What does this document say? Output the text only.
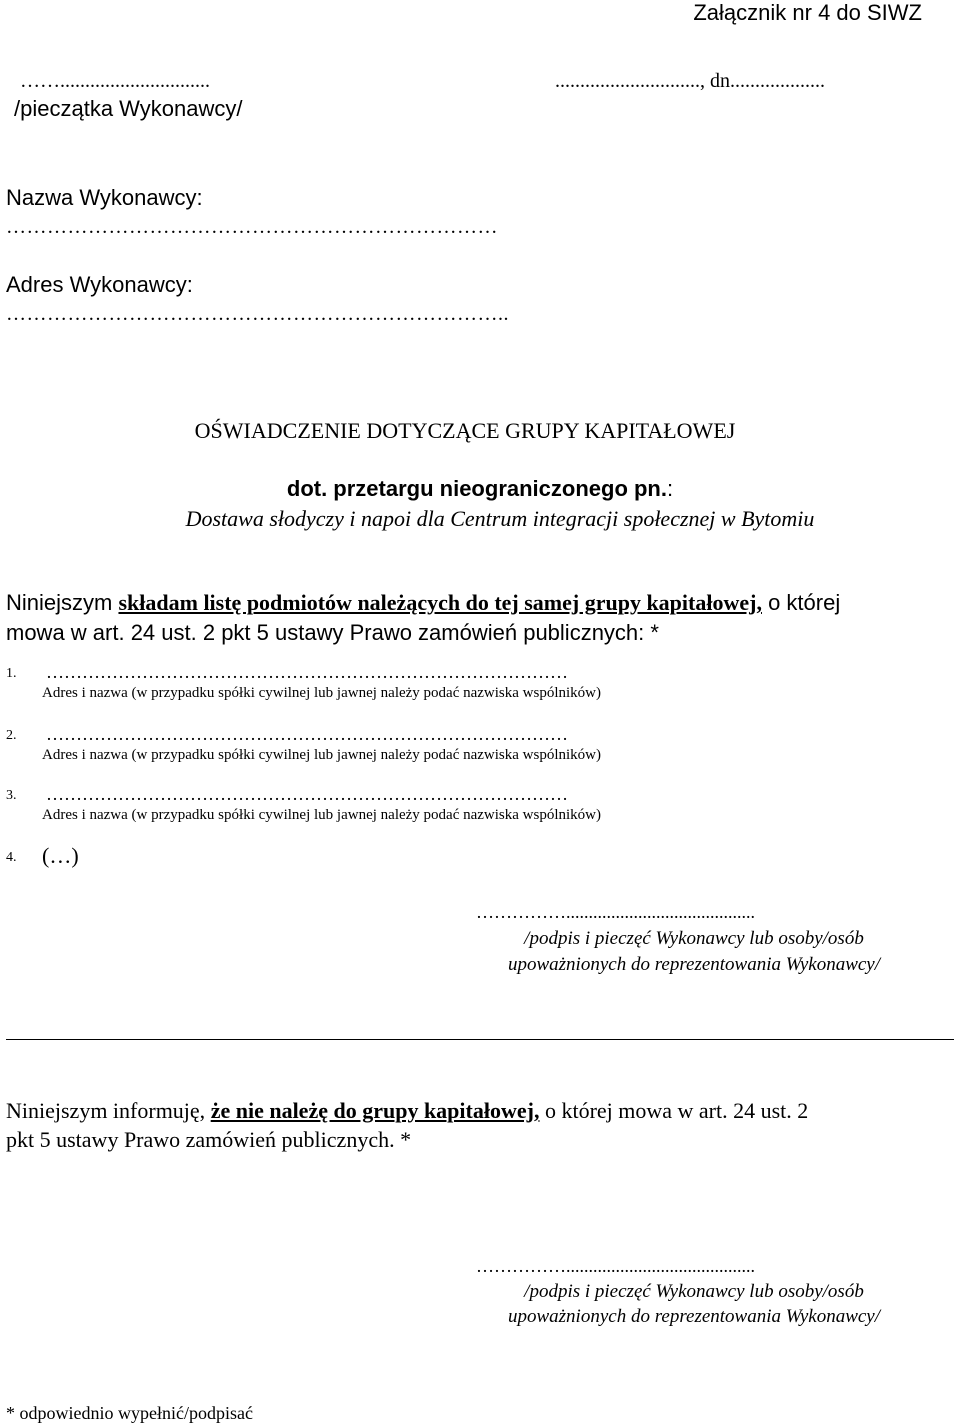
Załącznik nr 4 do SIWZ
……..............................	............................., dn...................
/pieczątka Wykonawcy/
Nazwa Wykonawcy:
………………………………………………………………
Adres Wykonawcy:
………………………………………………………………..
OŚWIADCZENIE DOTYCZĄCE GRUPY KAPITAŁOWEJ
dot. przetargu nieograniczonego pn.:
Dostawa słodyczy i napoi dla Centrum integracji społecznej w Bytomiu
Niniejszym składam listę podmiotów należących do tej samej grupy kapitałowej, o której
mowa w art. 24 ust. 2 pkt 5 ustawy Prawo zamówień publicznych: *
1. ……………………………………………………………………………
Adres i nazwa (w przypadku spółki cywilnej lub jawnej należy podać nazwiska wspólników)
2. ……………………………………………………………………………
Adres i nazwa (w przypadku spółki cywilnej lub jawnej należy podać nazwiska wspólników)
3. ……………………………………………………………………………
Adres i nazwa (w przypadku spółki cywilnej lub jawnej należy podać nazwiska wspólników)
4. (…)
……………..........................................
/podpis i pieczęć Wykonawcy lub osoby/osób
upoważnionych do reprezentowania Wykonawcy/
Niniejszym informuję, że nie należę do grupy kapitałowej, o której mowa w art. 24 ust. 2
pkt 5 ustawy Prawo zamówień publicznych. *
……………..........................................
/podpis i pieczęć Wykonawcy lub osoby/osób
upoważnionych do reprezentowania Wykonawcy/
* odpowiednio wypełnić/podpisać
